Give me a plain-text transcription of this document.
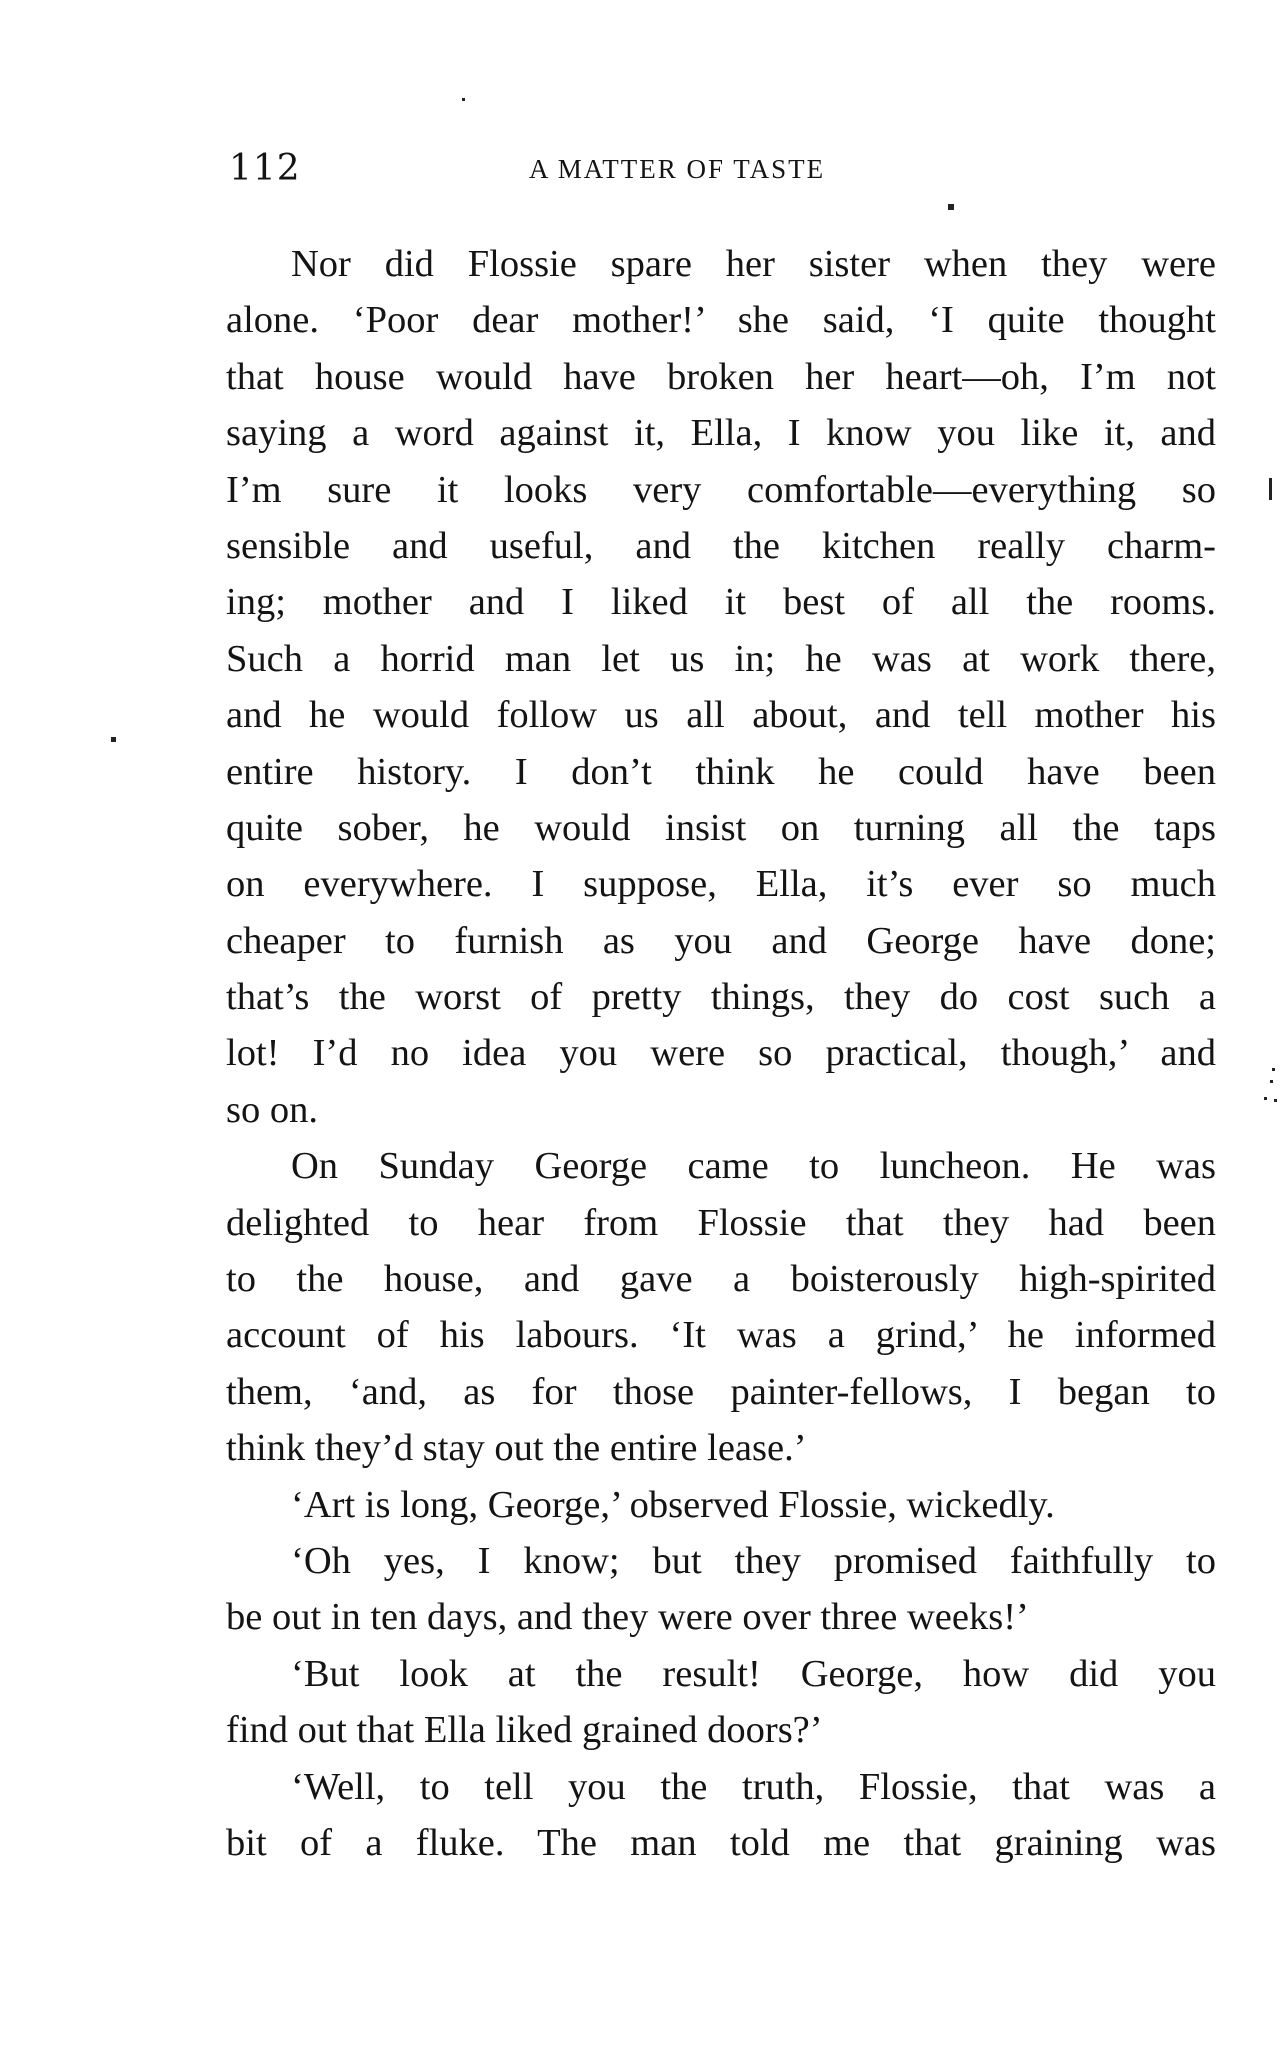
112	A MATTER OF TASTE

Nor did Flossie spare her sister when they were
alone. ‘Poor dear mother!’ she said, ‘I quite thought
that house would have broken her heart—oh, I’m not
saying a word against it, Ella, I know you like it, and
I’m sure it looks very comfortable—everything so
sensible and useful, and the kitchen really charm-
ing; mother and I liked it best of all the rooms.
Such a horrid man let us in; he was at work there,
and he would follow us all about, and tell mother his
entire history. I don’t think he could have been
quite sober, he would insist on turning all the taps
on everywhere. I suppose, Ella, it’s ever so much
cheaper to furnish as you and George have done;
that’s the worst of pretty things, they do cost such a
lot! I’d no idea you were so practical, though,’ and
so on.

On Sunday George came to luncheon. He was
delighted to hear from Flossie that they had been
to the house, and gave a boisterously high-spirited
account of his labours. ‘It was a grind,’ he informed
them, ‘and, as for those painter-fellows, I began to
think they’d stay out the entire lease.’

‘Art is long, George,’ observed Flossie, wickedly.

‘Oh yes, I know; but they promised faithfully to
be out in ten days, and they were over three weeks!’

‘But look at the result! George, how did you
find out that Ella liked grained doors?’

‘Well, to tell you the truth, Flossie, that was a
bit of a fluke. The man told me that graining was
